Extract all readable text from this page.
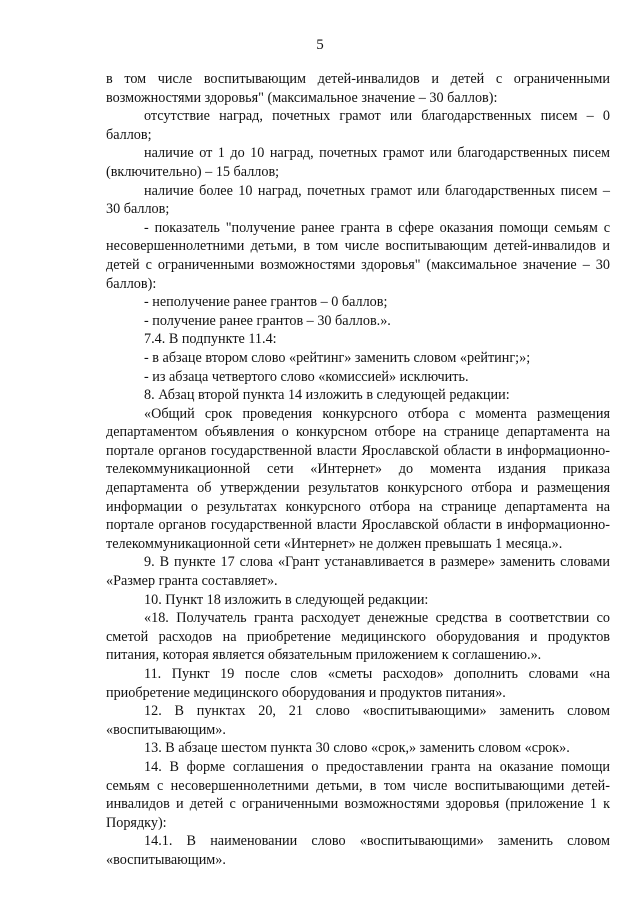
5

в том числе воспитывающим детей-инвалидов и детей с ограниченными возможностями здоровья" (максимальное значение – 30 баллов):

отсутствие наград, почетных грамот или благодарственных писем – 0 баллов;

наличие от 1 до 10 наград, почетных грамот или благодарственных писем (включительно) – 15 баллов;

наличие более 10 наград, почетных грамот или благодарственных писем – 30 баллов;

- показатель "получение ранее гранта в сфере оказания помощи семьям с несовершеннолетними детьми, в том числе воспитывающим детей-инвалидов и детей с ограниченными возможностями здоровья" (максимальное значение – 30 баллов):

- неполучение ранее грантов – 0 баллов;

- получение ранее грантов – 30 баллов.».

7.4. В подпункте 11.4:

- в абзаце втором слово «рейтинг» заменить словом «рейтинг;»;

- из абзаца четвертого слово «комиссией» исключить.

8. Абзац второй пункта 14 изложить в следующей редакции:

«Общий срок проведения конкурсного отбора с момента размещения департаментом объявления о конкурсном отборе на странице департамента на портале органов государственной власти Ярославской области в информационно-телекоммуникационной сети «Интернет» до момента издания приказа департамента об утверждении результатов конкурсного отбора и размещения информации о результатах конкурсного отбора на странице департамента на портале органов государственной власти Ярославской области в информационно-телекоммуникационной сети «Интернет» не должен превышать 1 месяца.».

9. В пункте 17 слова «Грант устанавливается в размере» заменить словами «Размер гранта составляет».

10. Пункт 18 изложить в следующей редакции:

«18. Получатель гранта расходует денежные средства в соответствии со сметой расходов на приобретение медицинского оборудования и продуктов питания, которая является обязательным приложением к соглашению.».

11. Пункт 19 после слов «сметы расходов» дополнить словами «на приобретение медицинского оборудования и продуктов питания».

12. В пунктах 20, 21 слово «воспитывающими» заменить словом «воспитывающим».

13. В абзаце шестом пункта 30 слово «срок,» заменить словом «срок».

14. В форме соглашения о предоставлении гранта на оказание помощи семьям с несовершеннолетними детьми, в том числе воспитывающими детей-инвалидов и детей с ограниченными возможностями здоровья (приложение 1 к Порядку):

14.1. В наименовании слово «воспитывающими» заменить словом «воспитывающим».
